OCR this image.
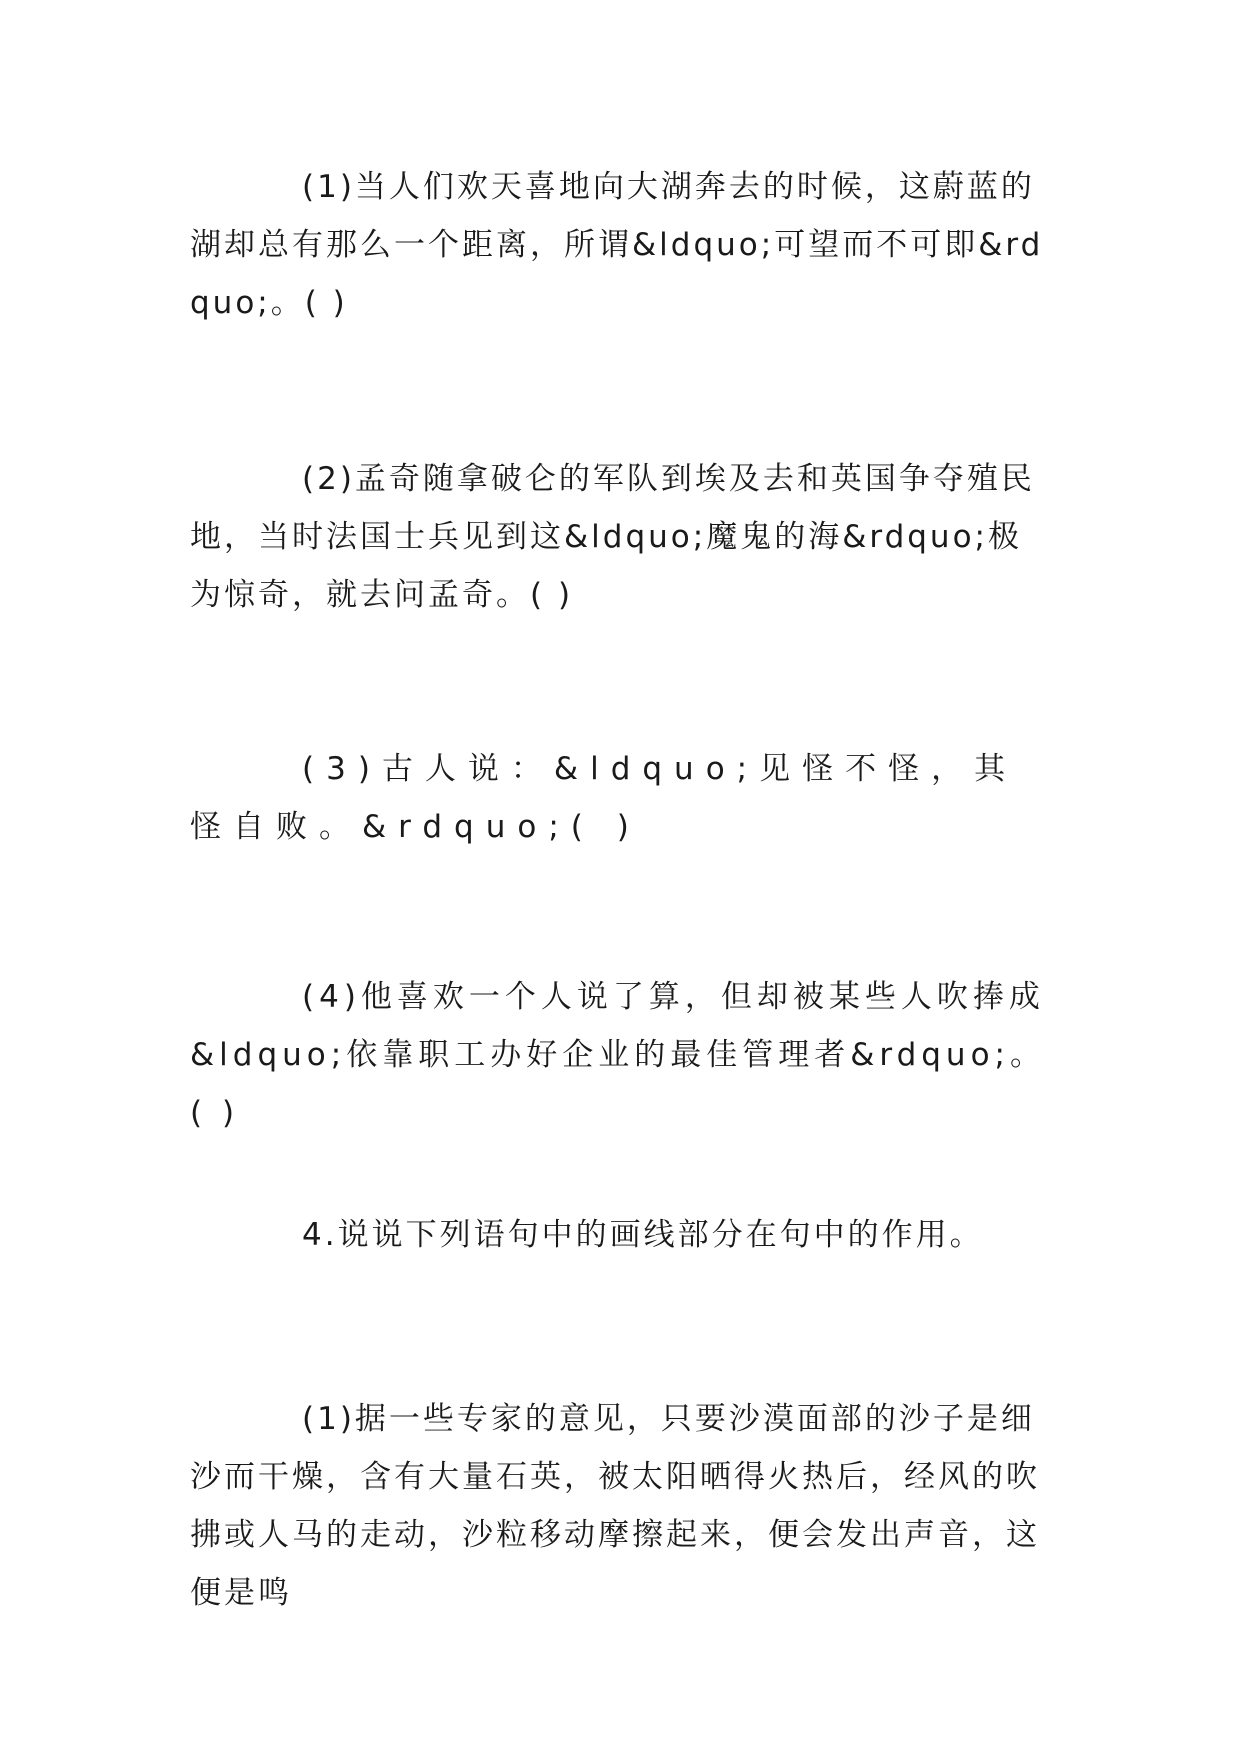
(1)当人们欢天喜地向大湖奔去的时候，这蔚蓝的湖却总有那么一个距离，所谓&ldquo;可望而不可即&rdquo;。( )

(2)孟奇随拿破仑的军队到埃及去和英国争夺殖民地，当时法国士兵见到这&ldquo;魔鬼的海&rdquo;极为惊奇，就去问孟奇。( )

(3)古人说：&ldquo;见怪不怪，其怪自败。&rdquo;( )

(4)他喜欢一个人说了算，但却被某些人吹捧成&ldquo;依靠职工办好企业的最佳管理者&rdquo;。( )

4.说说下列语句中的画线部分在句中的作用。

(1)据一些专家的意见，只要沙漠面部的沙子是细沙而干燥，含有大量石英，被太阳晒得火热后，经风的吹拂或人马的走动，沙粒移动摩擦起来，便会发出声音，这便是鸣
